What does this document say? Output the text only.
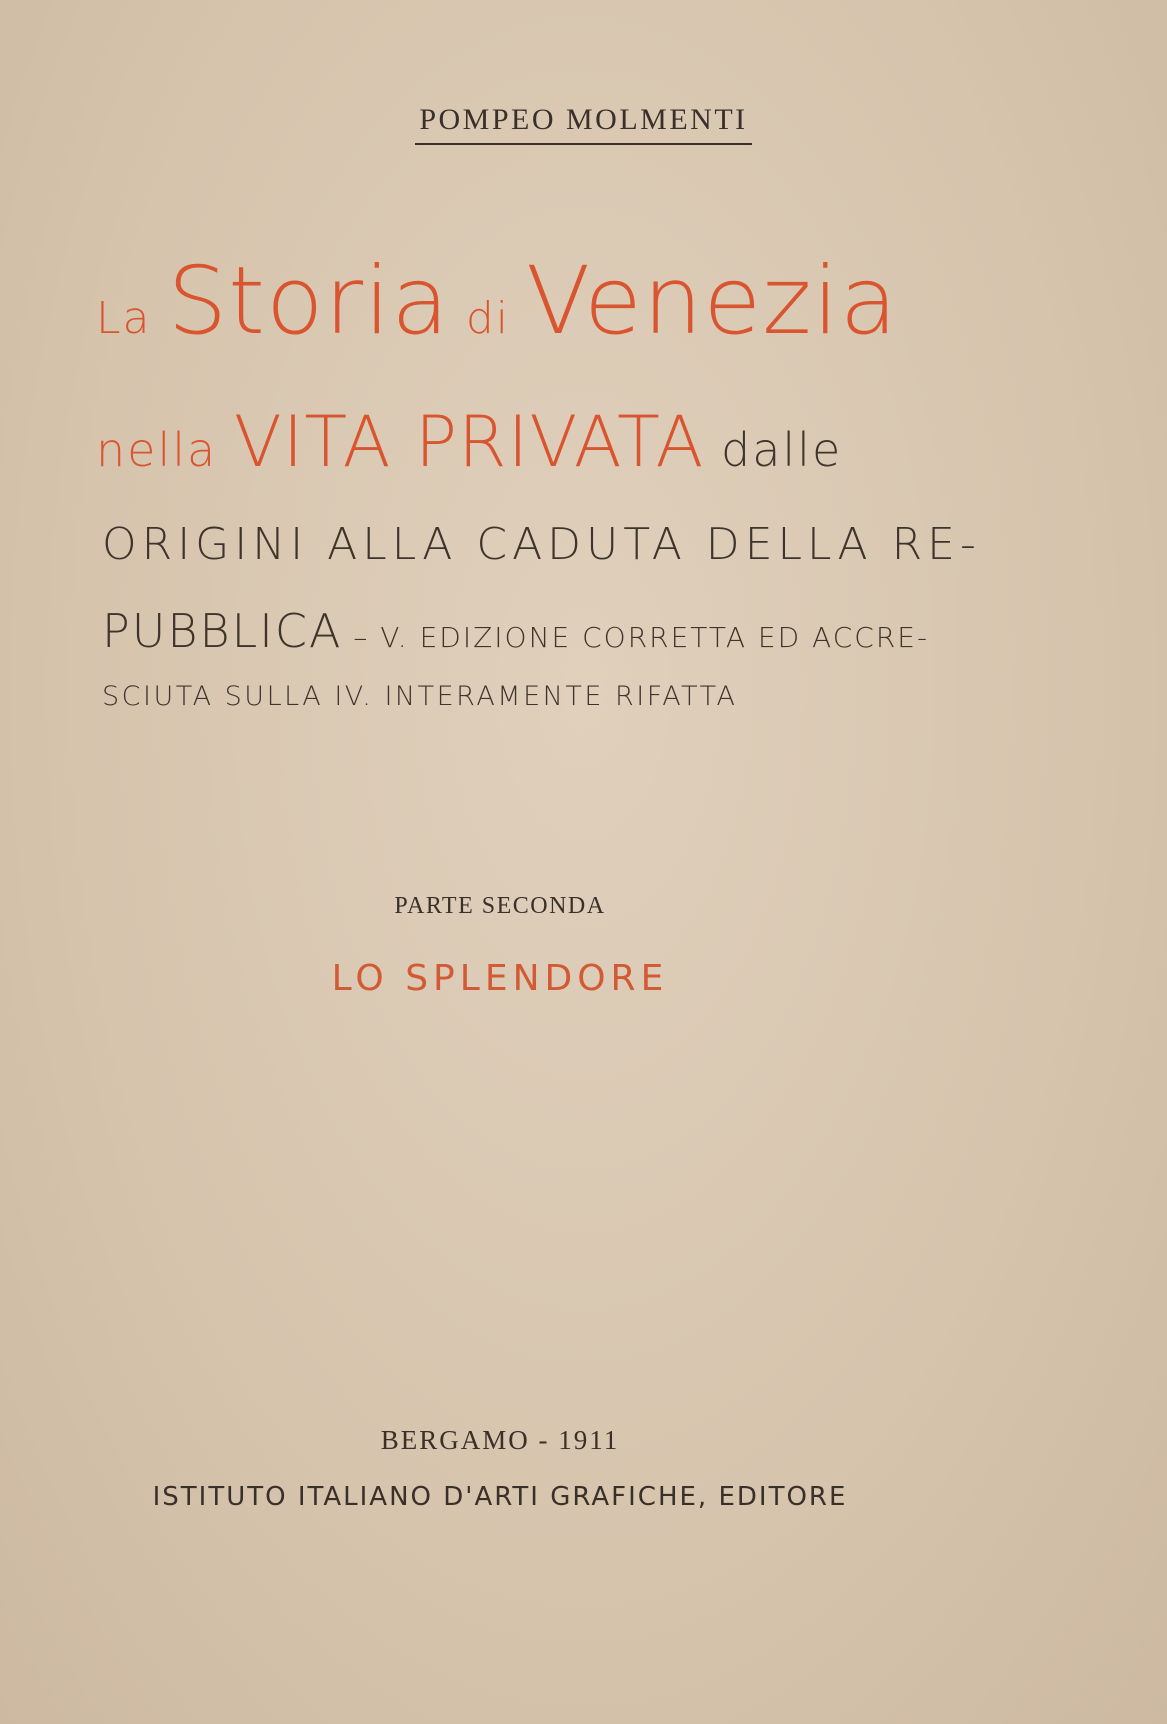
POMPEO MOLMENTI
La Storia di Venezia
nella VITA PRIVATA dalle
ORIGINI ALLA CADUTA DELLA RE-
PUBBLICA – V. EDIZIONE CORRETTA ED ACCRE-
SCIUTA SULLA IV. INTERAMENTE RIFATTA
PARTE SECONDA
LO SPLENDORE
BERGAMO - 1911
ISTITUTO ITALIANO D'ARTI GRAFICHE, EDITORE
